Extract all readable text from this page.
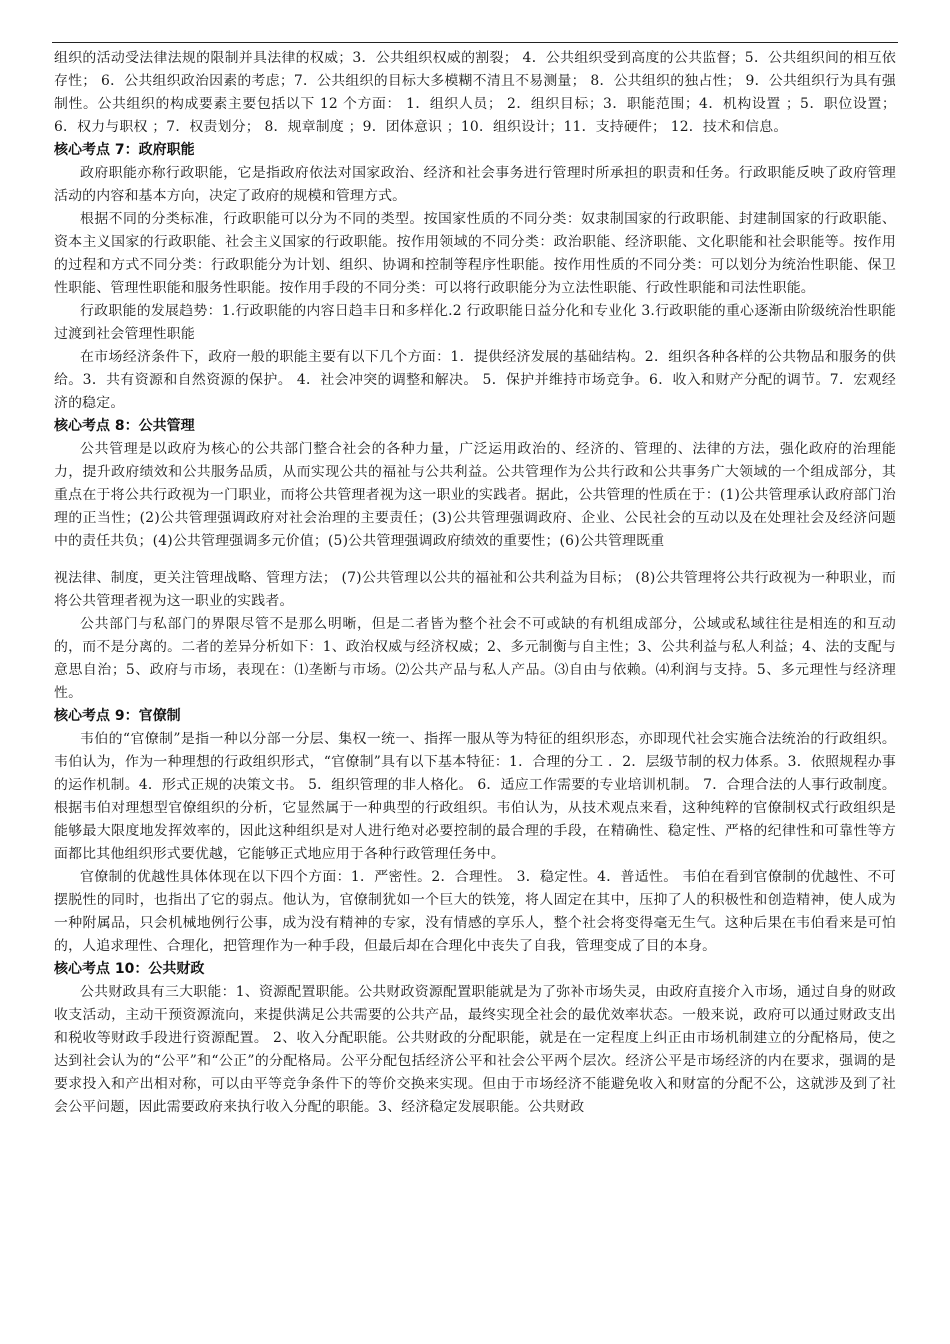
组织的活动受法律法规的限制并具法律的权威；3．公共组织权威的割裂； 4．公共组织受到高度的公共监督；5．公共组织间的相互依存性； 6．公共组织政治因素的考虑；7．公共组织的目标大多模糊不清且不易测量； 8．公共组织的独占性； 9．公共组织行为具有强制性。公共组织的构成要素主要包括以下 12 个方面： 1．组织人员； 2．组织目标；3．职能范围；4．机构设置 ；5．职位设置； 6．权力与职权 ；7．权责划分； 8．规章制度 ；9．团体意识 ；10．组织设计；11．支持硬件； 12．技术和信息。

核心考点 7：政府职能

政府职能亦称行政职能，它是指政府依法对国家政治、经济和社会事务进行管理时所承担的职责和任务。行政职能反映了政府管理活动的内容和基本方向，决定了政府的规模和管理方式。

根据不同的分类标准，行政职能可以分为不同的类型。按国家性质的不同分类：奴隶制国家的行政职能、封建制国家的行政职能、资本主义国家的行政职能、社会主义国家的行政职能。按作用领域的不同分类：政治职能、经济职能、文化职能和社会职能等。按作用的过程和方式不同分类：行政职能分为计划、组织、协调和控制等程序性职能。按作用性质的不同分类：可以划分为统治性职能、保卫性职能、管理性职能和服务性职能。按作用手段的不同分类：可以将行政职能分为立法性职能、行政性职能和司法性职能。

行政职能的发展趋势：1.行政职能的内容日趋丰日和多样化.2 行政职能日益分化和专业化 3.行政职能的重心逐渐由阶级统治性职能过渡到社会管理性职能

在市场经济条件下，政府一般的职能主要有以下几个方面：1．提供经济发展的基础结构。2．组织各种各样的公共物品和服务的供给。3．共有资源和自然资源的保护。 4．社会冲突的调整和解决。 5．保护并维持市场竞争。6．收入和财产分配的调节。7．宏观经济的稳定。

核心考点 8：公共管理

公共管理是以政府为核心的公共部门整合社会的各种力量，广泛运用政治的、经济的、管理的、法律的方法，强化政府的治理能力，提升政府绩效和公共服务品质，从而实现公共的福祉与公共利益。公共管理作为公共行政和公共事务广大领域的一个组成部分，其重点在于将公共行政视为一门职业，而将公共管理者视为这一职业的实践者。据此，公共管理的性质在于：(1)公共管理承认政府部门治理的正当性；(2)公共管理强调政府对社会治理的主要责任；(3)公共管理强调政府、企业、公民社会的互动以及在处理社会及经济问题中的责任共负；(4)公共管理强调多元价值；(5)公共管理强调政府绩效的重要性；(6)公共管理既重

视法律、制度，更关注管理战略、管理方法； (7)公共管理以公共的福祉和公共利益为目标； (8)公共管理将公共行政视为一种职业，而将公共管理者视为这一职业的实践者。

公共部门与私部门的界限尽管不是那么明晰，但是二者皆为整个社会不可或缺的有机组成部分，公域或私域往往是相连的和互动的，而不是分离的。二者的差异分析如下：1、政治权威与经济权威；2、多元制衡与自主性；3、公共利益与私人利益；4、法的支配与意思自治；5、政府与市场，表现在：⑴垄断与市场。⑵公共产品与私人产品。⑶自由与依赖。⑷利润与支持。5、多元理性与经济理性。

核心考点 9：官僚制

韦伯的“官僚制”是指一种以分部一分层、集权一统一、指挥一服从等为特征的组织形态，亦即现代社会实施合法统治的行政组织。韦伯认为，作为一种理想的行政组织形式，“官僚制”具有以下基本特征：1．合理的分工 ．2．层级节制的权力体系。3．依照规程办事的运作机制。4．形式正规的决策文书。 5．组织管理的非人格化。 6．适应工作需要的专业培训机制。 7．合理合法的人事行政制度。根据韦伯对理想型官僚组织的分析，它显然属于一种典型的行政组织。韦伯认为，从技术观点来看，这种纯粹的官僚制权式行政组织是能够最大限度地发挥效率的，因此这种组织是对人进行绝对必要控制的最合理的手段，在精确性、稳定性、严格的纪律性和可靠性等方面都比其他组织形式要优越，它能够正式地应用于各种行政管理任务中。

官僚制的优越性具体体现在以下四个方面：1．严密性。2．合理性。 3．稳定性。4．普适性。 韦伯在看到官僚制的优越性、不可摆脱性的同时，也指出了它的弱点。他认为，官僚制犹如一个巨大的铁笼，将人固定在其中，压抑了人的积极性和创造精神，使人成为一种附属品，只会机械地例行公事，成为没有精神的专家，没有情感的享乐人，整个社会将变得毫无生气。这种后果在韦伯看来是可怕的，人追求理性、合理化，把管理作为一种手段，但最后却在合理化中丧失了自我，管理变成了目的本身。

核心考点 10：公共财政

公共财政具有三大职能：1、资源配置职能。公共财政资源配置职能就是为了弥补市场失灵，由政府直接介入市场，通过自身的财政收支活动，主动干预资源流向，来提供满足公共需要的公共产品，最终实现全社会的最优效率状态。一般来说，政府可以通过财政支出和税收等财政手段进行资源配置。 2、收入分配职能。公共财政的分配职能，就是在一定程度上纠正由市场机制建立的分配格局，使之达到社会认为的“公平”和“公正”的分配格局。公平分配包括经济公平和社会公平两个层次。经济公平是市场经济的内在要求，强调的是要求投入和产出相对称，可以由平等竞争条件下的等价交换来实现。但由于市场经济不能避免收入和财富的分配不公，这就涉及到了社会公平问题，因此需要政府来执行收入分配的职能。3、经济稳定发展职能。公共财政
